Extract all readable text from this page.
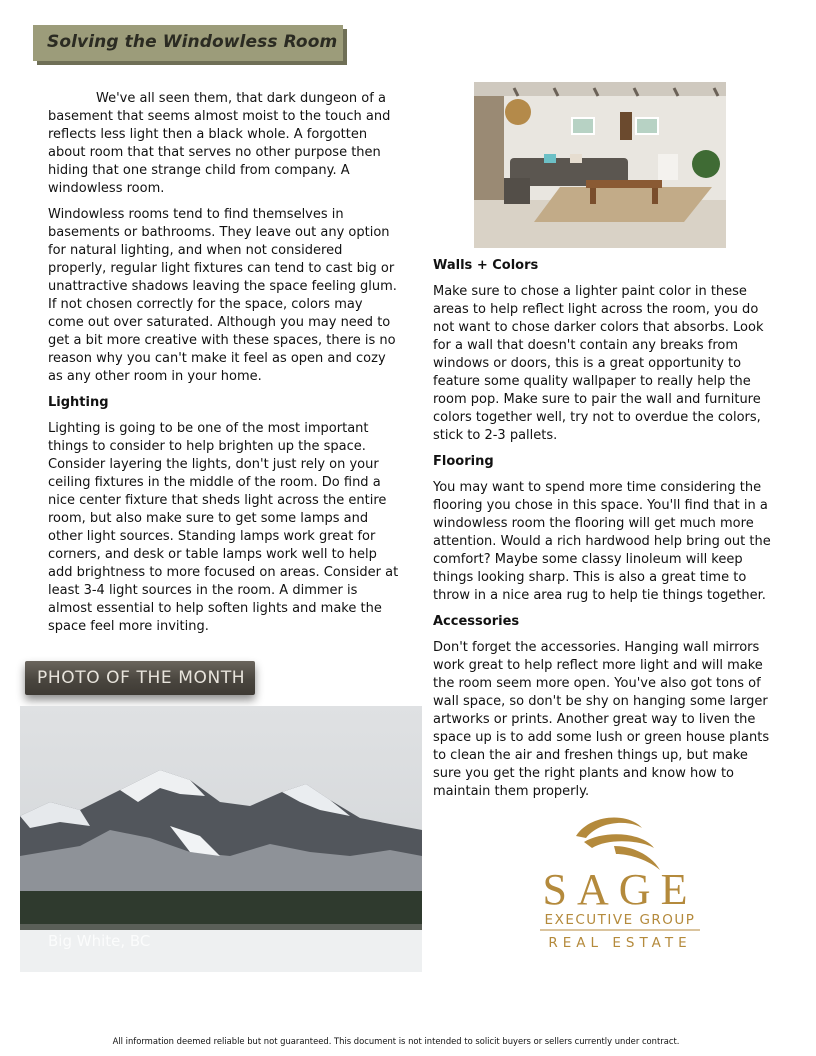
Solving the Windowless Room

We've all seen them, that dark dungeon of a basement that seems almost moist to the touch and reflects less light then a black whole. A forgotten about room that that serves no other purpose then hiding that one strange child from company. A windowless room.

Windowless rooms tend to find themselves in basements or bathrooms. They leave out any option for natural lighting, and when not considered properly, regular light fixtures can tend to cast big or unattractive shadows leaving the space feeling glum. If not chosen correctly for the space, colors may come out over saturated. Although you may need to get a bit more creative with these spaces, there is no reason why you can't make it feel as open and cozy as any other room in your home.

Lighting

Lighting is going to be one of the most important things to consider to help brighten up the space. Consider layering the lights, don't just rely on your ceiling fixtures in the middle of the room. Do find a nice center fixture that sheds light across the entire room, but also make sure to get some lamps and other light sources. Standing lamps work great for corners, and desk or table lamps work well to help add brightness to more focused on areas. Consider at least 3-4 light sources in the room. A dimmer is almost essential to help soften lights and make the space feel more inviting.

Walls + Colors

Make sure to chose a lighter paint color in these areas to help reflect light across the room, you do not want to chose darker colors that absorbs. Look for a wall that doesn't contain any breaks from windows or doors, this is a great opportunity to feature some quality wallpaper to really help the room pop. Make sure to pair the wall and furniture colors together well, try not to overdue the colors, stick to 2-3 pallets.

Flooring

You may want to spend more time considering the flooring you chose in this space. You'll find that in a windowless room the flooring will get much more attention. Would a rich hardwood help bring out the comfort? Maybe some classy linoleum will keep things looking sharp. This is also a great time to throw in a nice area rug to help tie things together.

Accessories

Don't forget the accessories. Hanging wall mirrors work great to help reflect more light and will make the room seem more open. You've also got tons of wall space, so don't be shy on hanging some larger artworks or prints. Another great way to liven the space up is to add some lush or green house plants to clean the air and freshen things up, but make sure you get the right plants and know how to maintain them properly.

PHOTO OF THE MONTH
Big White, BC
SAGE
EXECUTIVE GROUP
REAL ESTATE
All information deemed reliable but not guaranteed. This document is not intended to solicit buyers or sellers currently under contract.
